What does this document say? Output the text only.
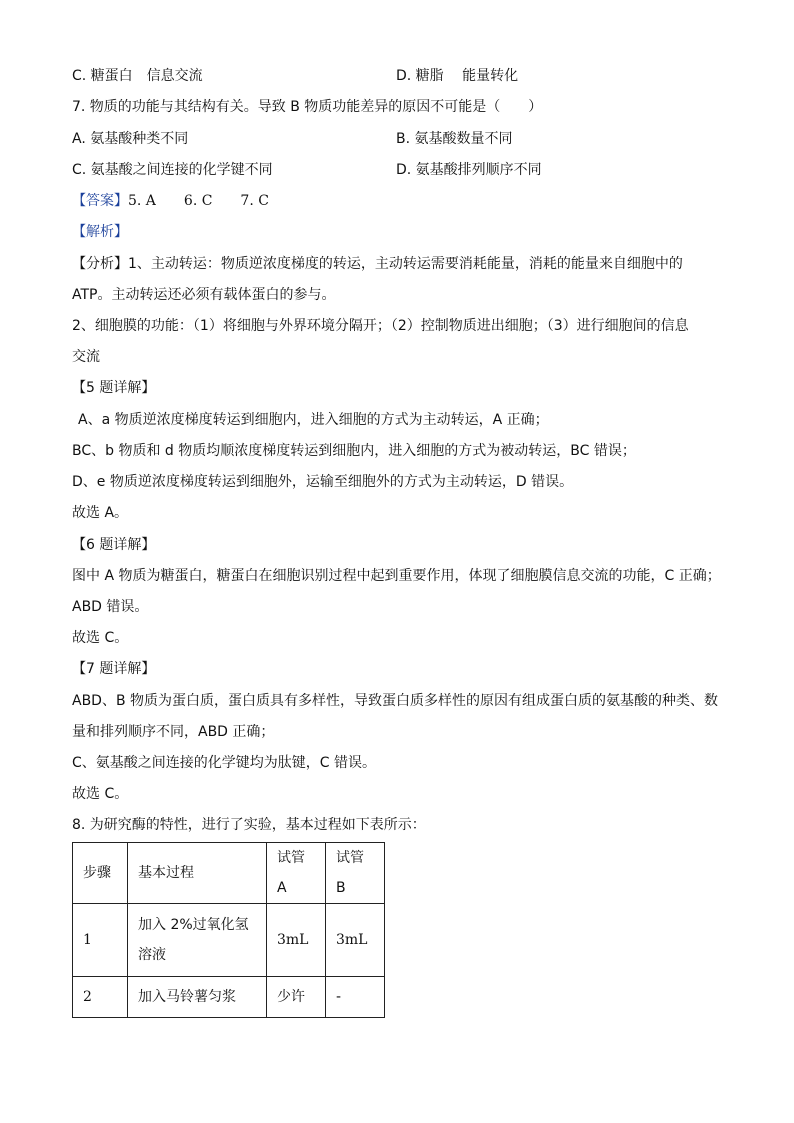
C. 糖蛋白　信息交流	D. 糖脂　 能量转化
7. 物质的功能与其结构有关。导致 B 物质功能差异的原因不可能是（　　）
A. 氨基酸种类不同	B. 氨基酸数量不同
C. 氨基酸之间连接的化学键不同	D. 氨基酸排列顺序不同
【答案】5. A　　6. C　　7. C
【解析】
【分析】1、主动转运：物质逆浓度梯度的转运，主动转运需要消耗能量，消耗的能量来自细胞中的
ATP。主动转运还必须有载体蛋白的参与。
2、细胞膜的功能：（1）将细胞与外界环境分隔开；（2）控制物质进出细胞；（3）进行细胞间的信息
交流
【5 题详解】
A、a 物质逆浓度梯度转运到细胞内，进入细胞的方式为主动转运，A 正确；
BC、b 物质和 d 物质均顺浓度梯度转运到细胞内，进入细胞的方式为被动转运，BC 错误；
D、e 物质逆浓度梯度转运到细胞外，运输至细胞外的方式为主动转运，D 错误。
故选 A。
【6 题详解】
图中 A 物质为糖蛋白，糖蛋白在细胞识别过程中起到重要作用，体现了细胞膜信息交流的功能，C 正确；
ABD 错误。
故选 C。
【7 题详解】
ABD、B 物质为蛋白质，蛋白质具有多样性，导致蛋白质多样性的原因有组成蛋白质的氨基酸的种类、数
量和排列顺序不同，ABD 正确；
C、氨基酸之间连接的化学键均为肽键，C 错误。
故选 C。
8. 为研究酶的特性，进行了实验，基本过程如下表所示：
步骤	基本过程	试管 A	试管 B
1	加入 2%过氧化氢溶液	3mL	3mL
2	加入马铃薯匀浆	少许	-
